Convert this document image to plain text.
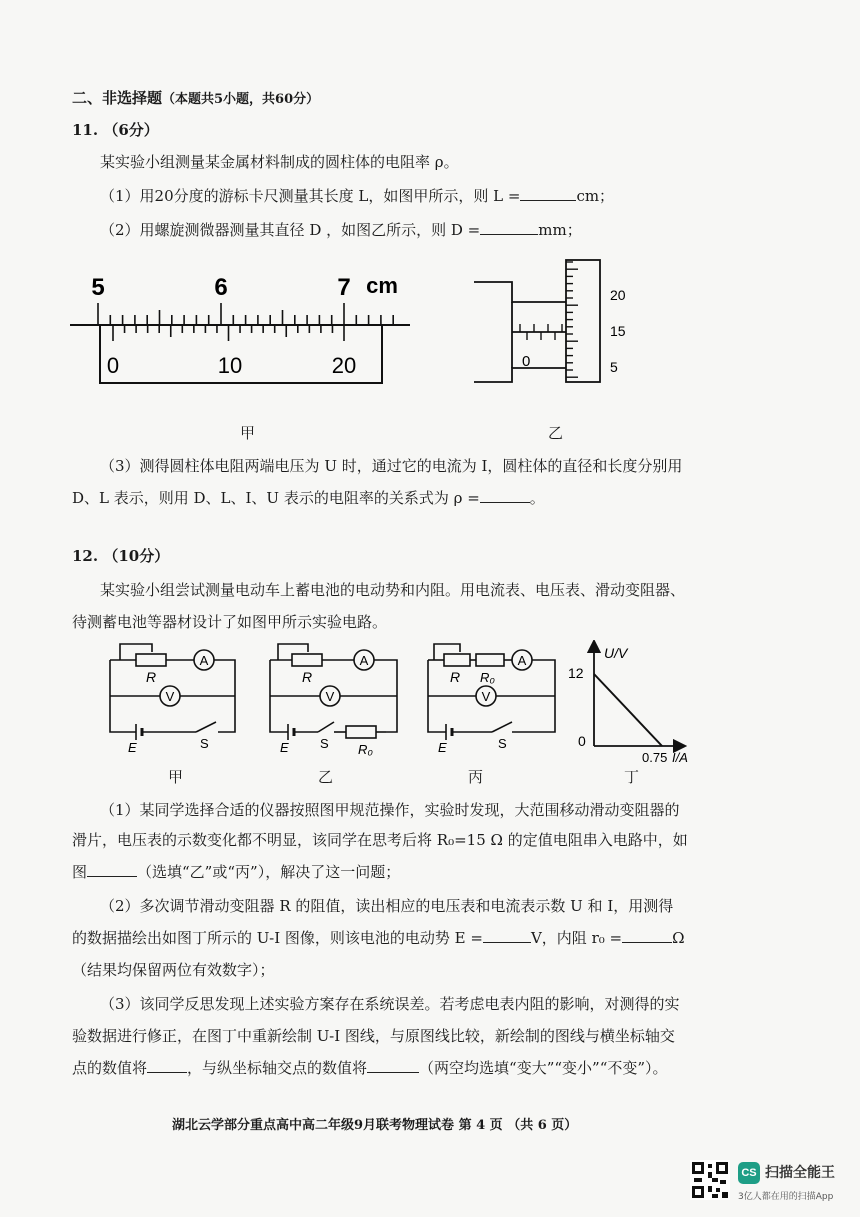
二、非选择题（本题共5小题，共60分）
11. （6分）
某实验小组测量某金属材料制成的圆柱体的电阻率 ρ。
（1）用20分度的游标卡尺测量其长度 L，如图甲所示，则 L =	cm；
（2）用螺旋测微器测量其直径 D ，如图乙所示，则 D =	mm；
5	6	7 cm
0	10	20
甲
0
20
15
5
乙
（3）测得圆柱体电阻两端电压为 U 时，通过它的电流为 I，圆柱体的直径和长度分别用
D、L 表示，则用 D、L、I、U 表示的电阻率的关系式为 ρ =	。
12. （10分）
某实验小组尝试测量电动车上蓄电池的电动势和内阻。用电流表、电压表、滑动变阻器、
待测蓄电池等器材设计了如图甲所示实验电路。
A
V
R
E	S
甲
A
V
R
E S R₀
乙
A
V
R R₀
E	S
丙
U/V
12
0
0.75 I/A
丁
（1）某同学选择合适的仪器按照图甲规范操作，实验时发现，大范围移动滑动变阻器的
滑片，电压表的示数变化都不明显，该同学在思考后将 R₀=15 Ω 的定值电阻串入电路中，如
图	（选填“乙”或“丙”），解决了这一问题；
（2）多次调节滑动变阻器 R 的阻值，读出相应的电压表和电流表示数 U 和 I，用测得
的数据描绘出如图丁所示的 U-I 图像，则该电池的电动势 E =	V，内阻 r₀ =	Ω
（结果均保留两位有效数字）；
（3）该同学反思发现上述实验方案存在系统误差。若考虑电表内阻的影响，对测得的实
验数据进行修正，在图丁中重新绘制 U-I 图线，与原图线比较，新绘制的图线与横坐标轴交
点的数值将	，与纵坐标轴交点的数值将	（两空均选填“变大”“变小”“不变”）。
湖北云学部分重点高中高二年级9月联考物理试卷 第 4 页 （共 6 页）
CS 扫描全能王
3亿人都在用的扫描App
